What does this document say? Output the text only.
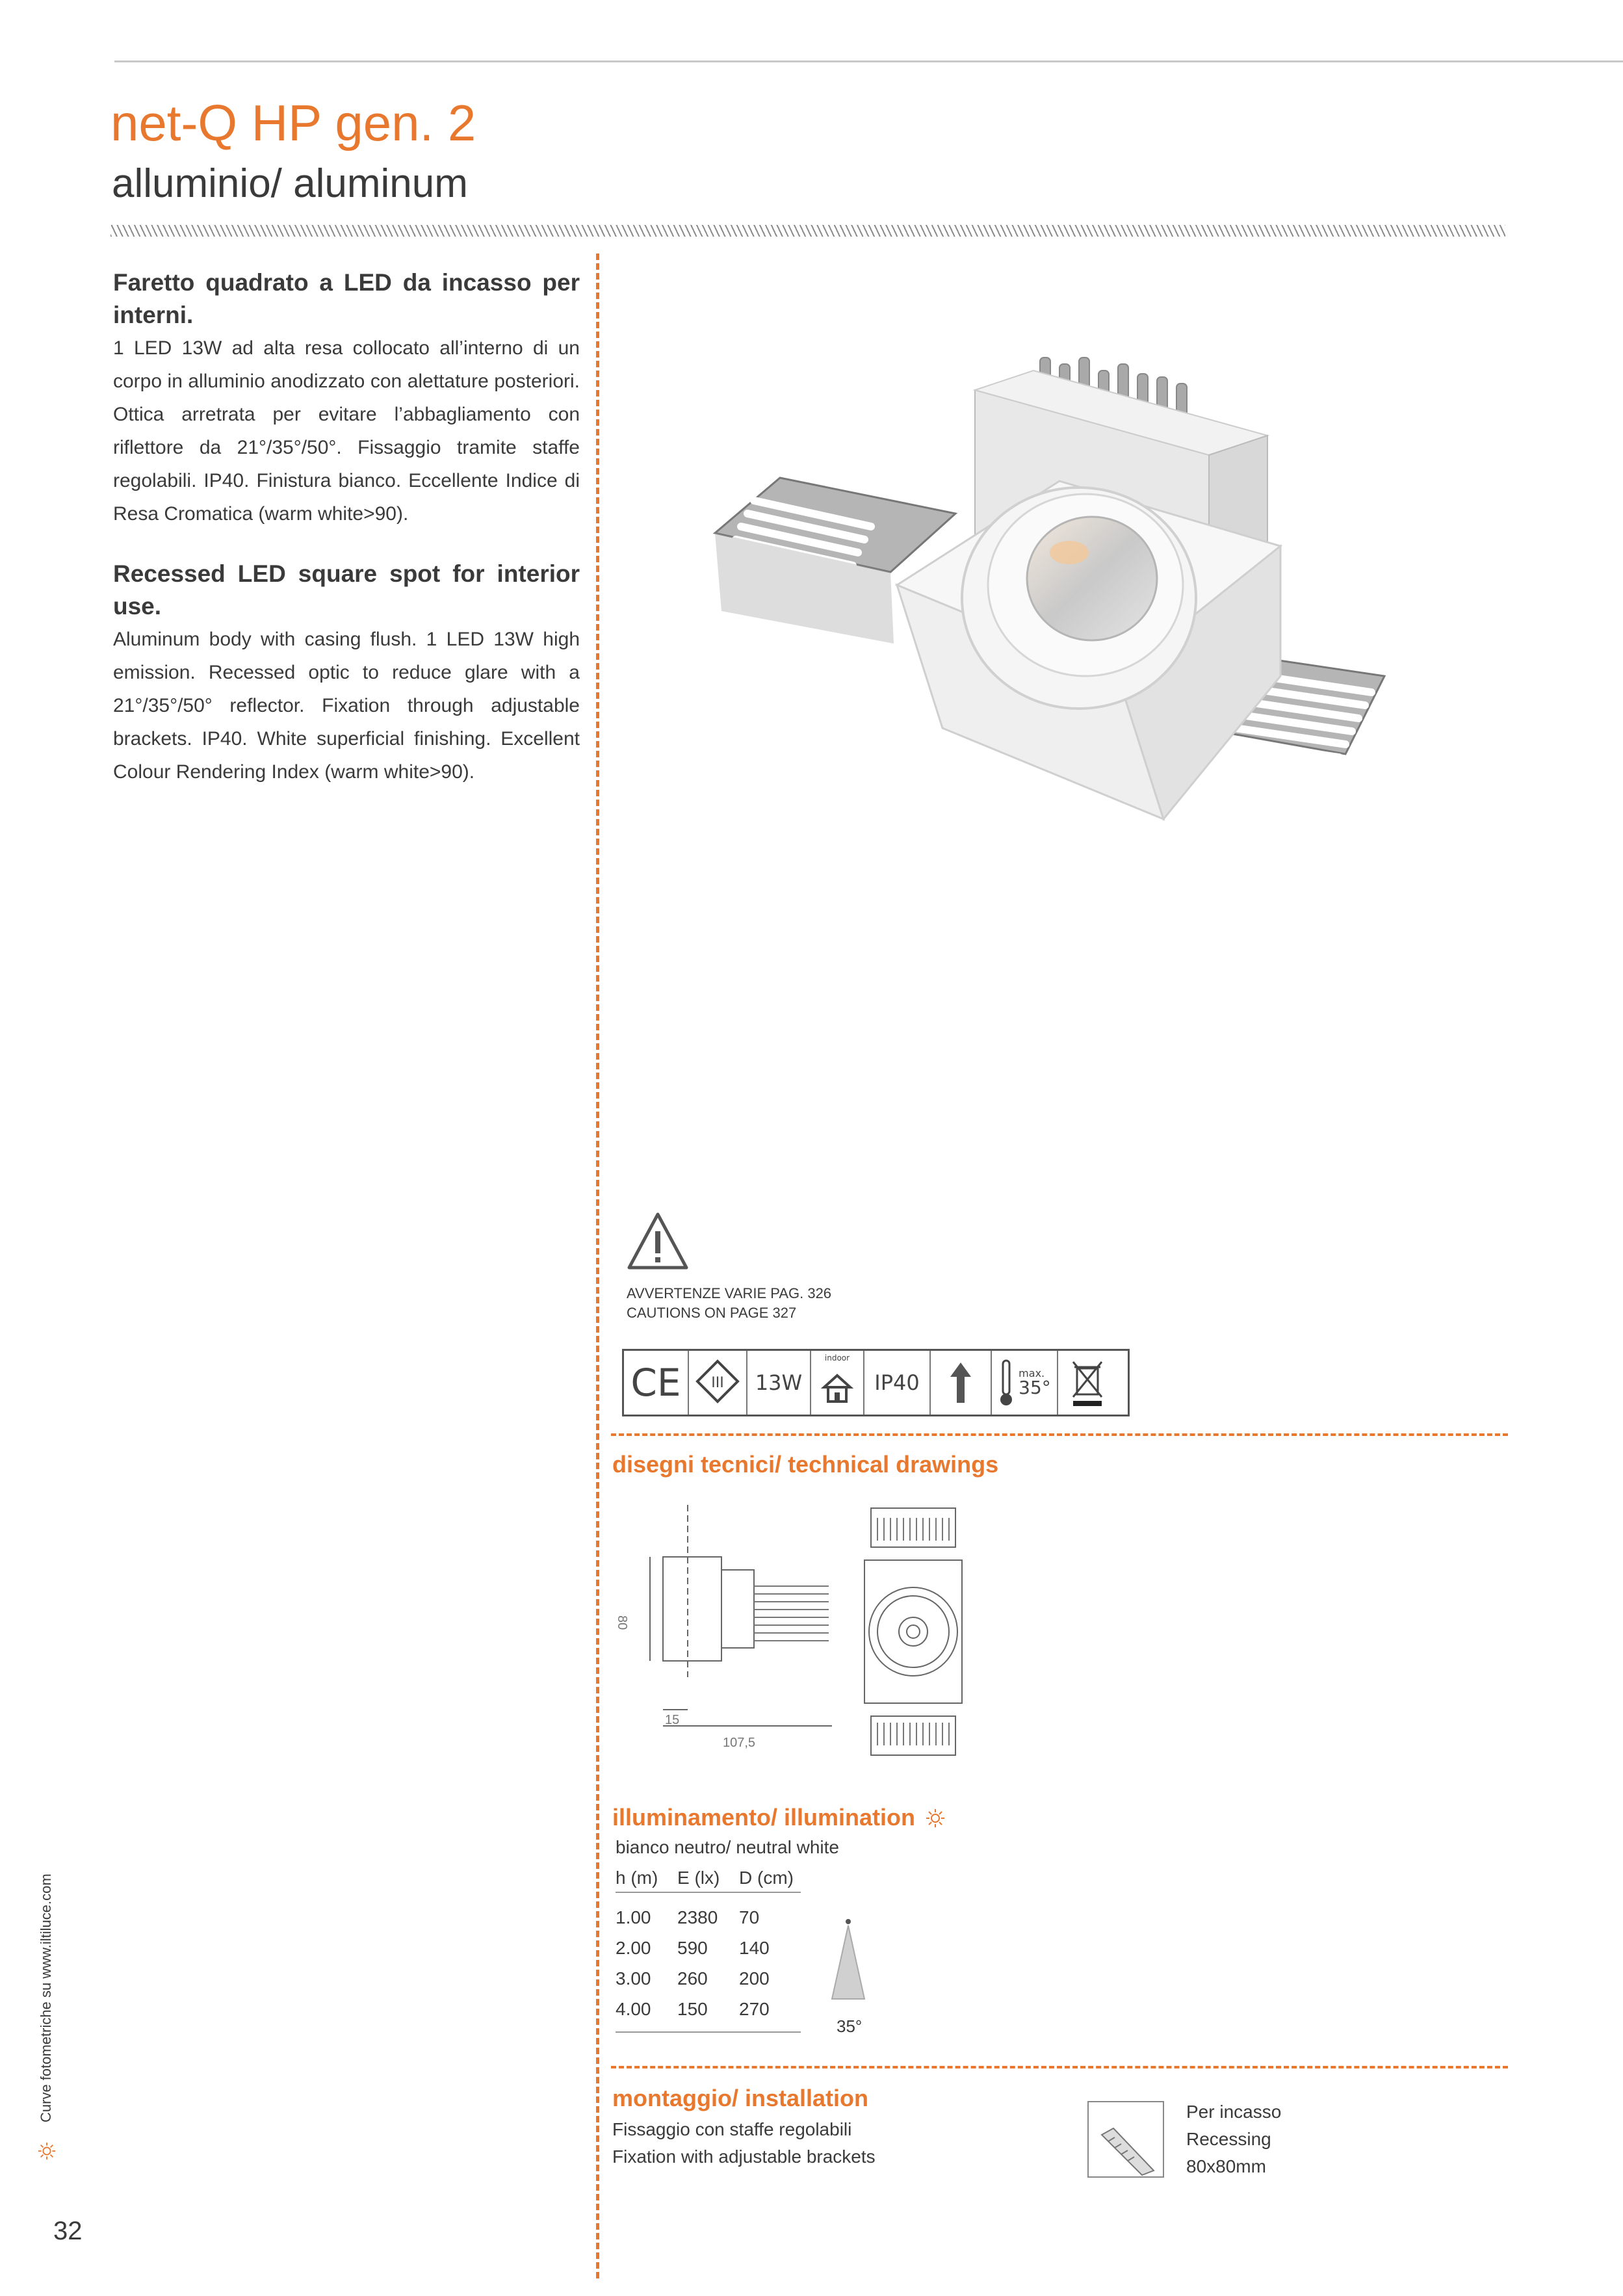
net-Q HP gen. 2
alluminio/ aluminum
Faretto quadrato a LED da incasso per interni.

1 LED 13W ad alta resa collocato all’interno di un corpo in alluminio anodizzato con alettature posteriori. Ottica arretrata per evitare l’abbagliamento con riflettore da 21°/35°/50°. Fissaggio tramite staffe regolabili. IP40. Finistura bianco. Eccellente Indice di Resa Cromatica (warm white>90).

Recessed LED square spot for interior use.

Aluminum body with casing flush. 1 LED 13W high emission. Recessed optic to reduce glare with a 21°/35°/50° reflector. Fixation through adjustable brackets. IP40. White superficial finishing. Excellent Colour Rendering Index (warm white>90).

AVVERTENZE VARIE PAG. 326
CAUTIONS ON PAGE 327
CE	III	13W
indoor
IP40	max.
35°
disegni tecnici/ technical drawings
80
15
107,5
illuminamento/ illumination
bianco neutro/ neutral white
h (m)	E (lx)	D (cm)
1.00	2380	70
2.00	590	140
3.00	260	200
4.00	150	270
35°
montaggio/ installation
Fissaggio con staffe regolabili
Fixation with adjustable brackets
Per incasso
Recessing
80x80mm
Curve fotometriche su www.iltiluce.com
32
